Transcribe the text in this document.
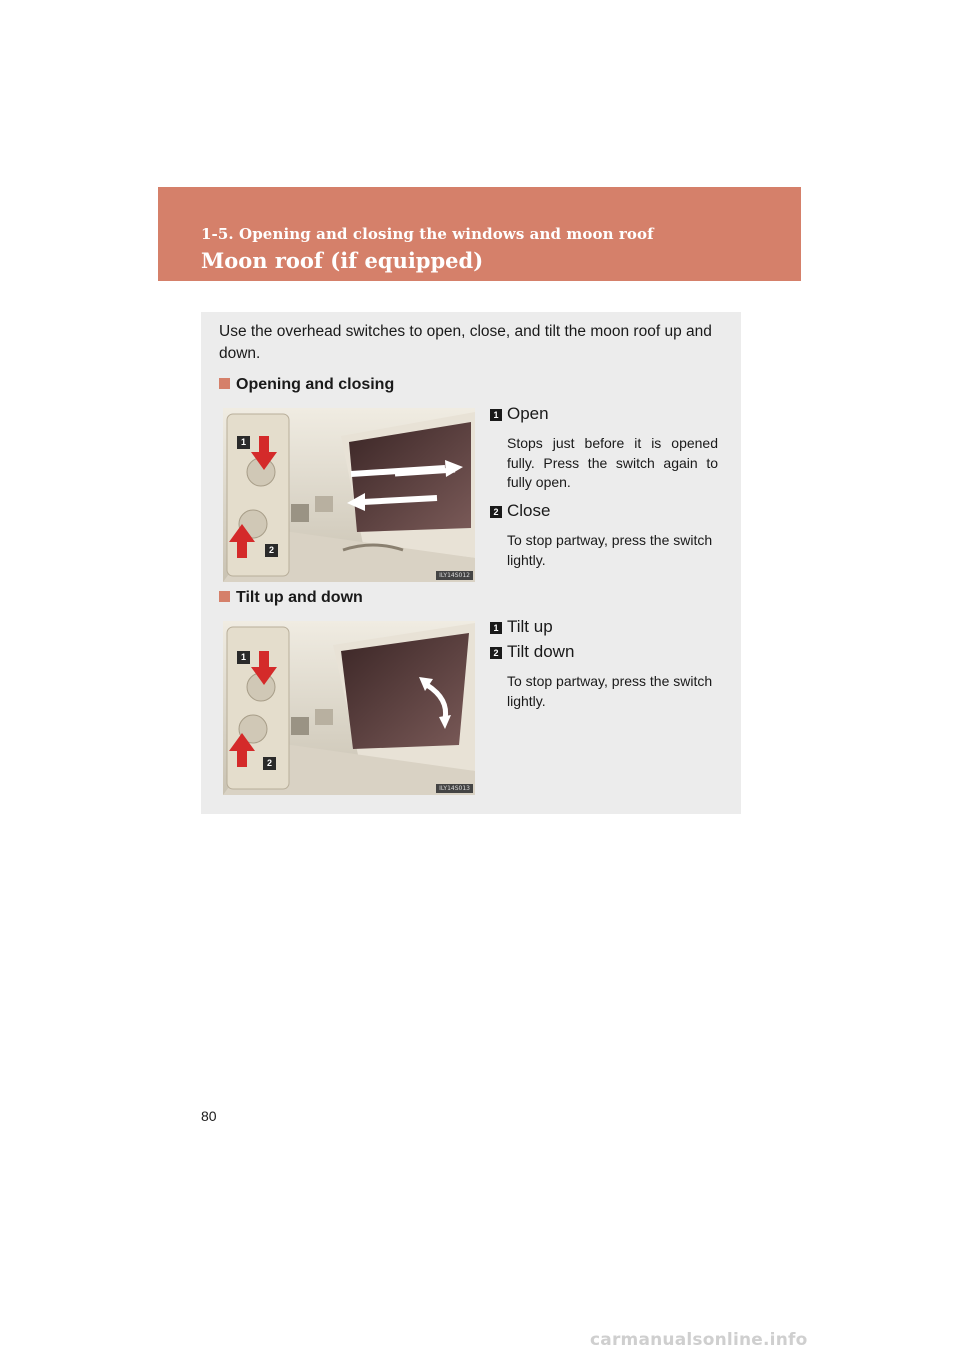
1-5. Opening and closing the windows and moon roof
Moon roof (if equipped)
Use the overhead switches to open, close, and tilt the moon roof up and down.
Opening and closing
1
2
ILY14S012
1 Open
Stops just before it is opened fully. Press the switch again to fully open.
2 Close
To stop partway, press the switch lightly.
Tilt up and down
1
2
ILY14S013
1 Tilt up
2 Tilt down
To stop partway, press the switch lightly.
80
carmanualsonline.info
